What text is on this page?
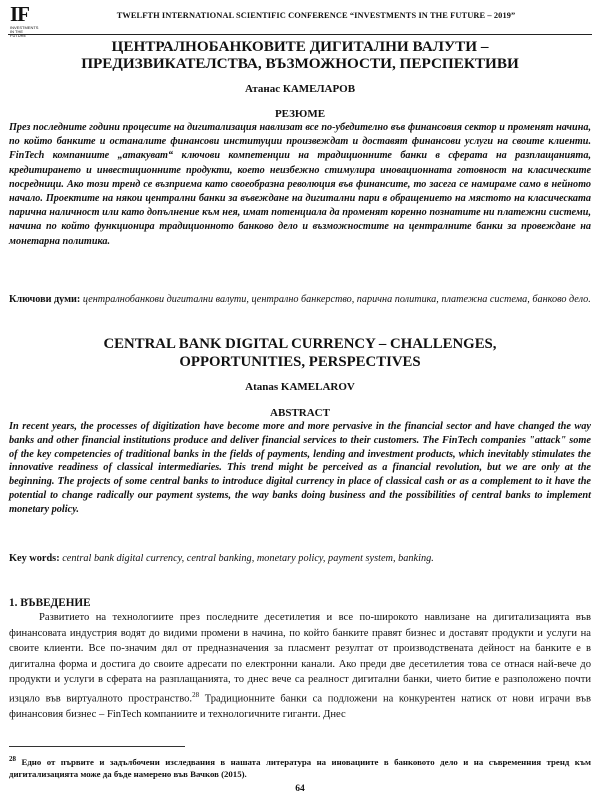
IF
INVESTMENTS IN THE FUTURE
TWELFTH INTERNATIONAL SCIENTIFIC CONFERENCE “INVESTMENTS IN THE FUTURE – 2019”
ЦЕНТРАЛНОБАНКОВИТЕ ДИГИТАЛНИ ВАЛУТИ –
ПРЕДИЗВИКАТЕЛСТВА, ВЪЗМОЖНОСТИ, ПЕРСПЕКТИВИ
Атанас КАМЕЛАРОВ
РЕЗЮМЕ
През последните години процесите на дигитализация навлизат все по-убедително във финансовия сектор и променят начина, по който банките и останалите финансови институции произвеждат и доставят финансови услуги на своите клиенти. FinTech компаниите „атакуват“ ключови компетенции на традиционните банки в сферата на разплащанията, кредитирането и инвестиционните продукти, което неизбежно стимулира иновационната готовност на класическите посредници. Ако този тренд се възприема като своеобразна революция във финансите, то засега се намираме само в нейното начало. Проектите на някои централни банки за въвеждане на дигитални пари в обращението на мястото на класическата парична наличност или като допълнение към нея, имат потенциала да променят коренно познатите ни платежни системи, начина по който функционира традиционното банково дело и възможностите на централните банки за провеждане на монетарна политика.
Ключови думи: централнобанкови дигитални валути, централно банкерство, парична политика, платежна система, банково дело.
CENTRAL BANK DIGITAL CURRENCY – CHALLENGES,
OPPORTUNITIES, PERSPECTIVES
Atanas KAMELAROV
ABSTRACT
In recent years, the processes of digitization have become more and more pervasive in the financial sector and have changed the way banks and other financial institutions produce and deliver financial services to their customers. The FinTech companies "attack" some of the key competencies of traditional banks in the fields of payments, lending and investment products, which inevitably stimulates the innovative readiness of classical intermediaries. This trend might be perceived as a financial revolution, but we are only at the beginning. The projects of some central banks to introduce digital currency in place of classical cash or as a complement to it have the potential to change radically our payment systems, the way banks doing business and the possibilities of central banks to implement monetary policy.
Key words: central bank digital currency, central banking, monetary policy, payment system, banking.
1. ВЪВЕДЕНИЕ
Развитието на технологиите през последните десетилетия и все по-широкото навлизане на дигитализацията във финансовата индустрия водят до видими промени в начина, по който банките правят бизнес и доставят продукти и услуги на своите клиенти. Все по-значим дял от предназначения за пласмент резултат от производствената дейност на банките е в дигитална форма и достига до своите адресати по електронни канали. Ако преди две десетилетия това се отнася най-вече до продукти и услуги в сферата на разплащанията, то днес вече са реалност дигитални банки, чието битие е разположено почти изцяло във виртуалното пространство.$^{28}$ Традиционните банки са подложени на конкурентен натиск от нови играчи във финансовия бизнес – FinTech компаниите и технологичните гиганти. Днес
$^{28}$ Едно от първите и задълбочени изследвания в нашата литература на иновациите в банковото дело и на съвременния тренд към дигитализацията може да бъде намерено във Вачков (2015).
64
